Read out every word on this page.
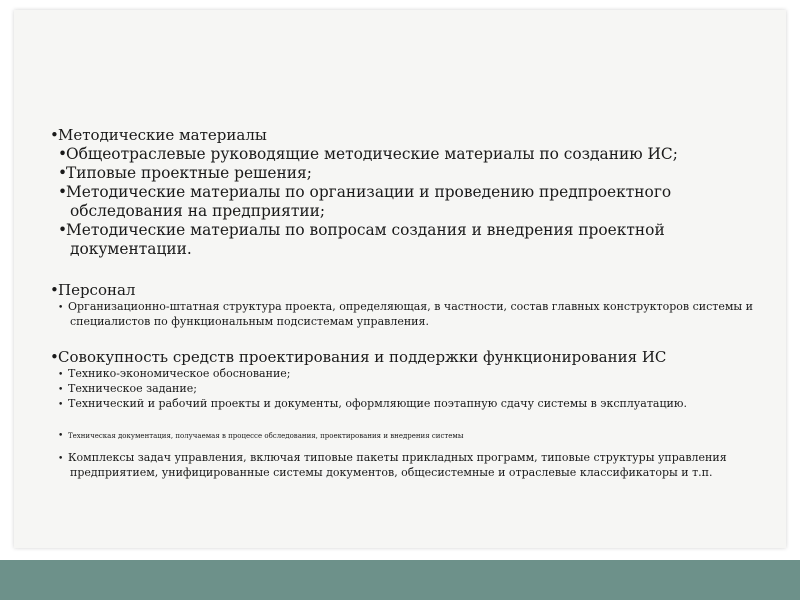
•Методические материалы
•Общеотраслевые руководящие методические материалы по созданию ИС;
•Типовые проектные решения;
•Методические материалы по организации и проведению предпроектного
обследования на предприятии;
•Методические материалы по вопросам создания и внедрения проектной
документации.
•Персонал
• Организационно-штатная структура проекта, определяющая, в частности, состав главных конструкторов системы и
специалистов по функциональным подсистемам управления.
•Совокупность средств проектирования и поддержки функционирования ИС
• Технико-экономическое обоснование;
• Техническое задание;
• Технический и рабочий проекты и документы, оформляющие поэтапную сдачу системы в эксплуатацию.
• Техническая документация, получаемая в процессе обследования, проектирования и внедрения системы
• Комплексы задач управления, включая типовые пакеты прикладных программ, типовые структуры управления
предприятием, унифицированные системы документов, общесистемные и отраслевые классификаторы и т.п.
